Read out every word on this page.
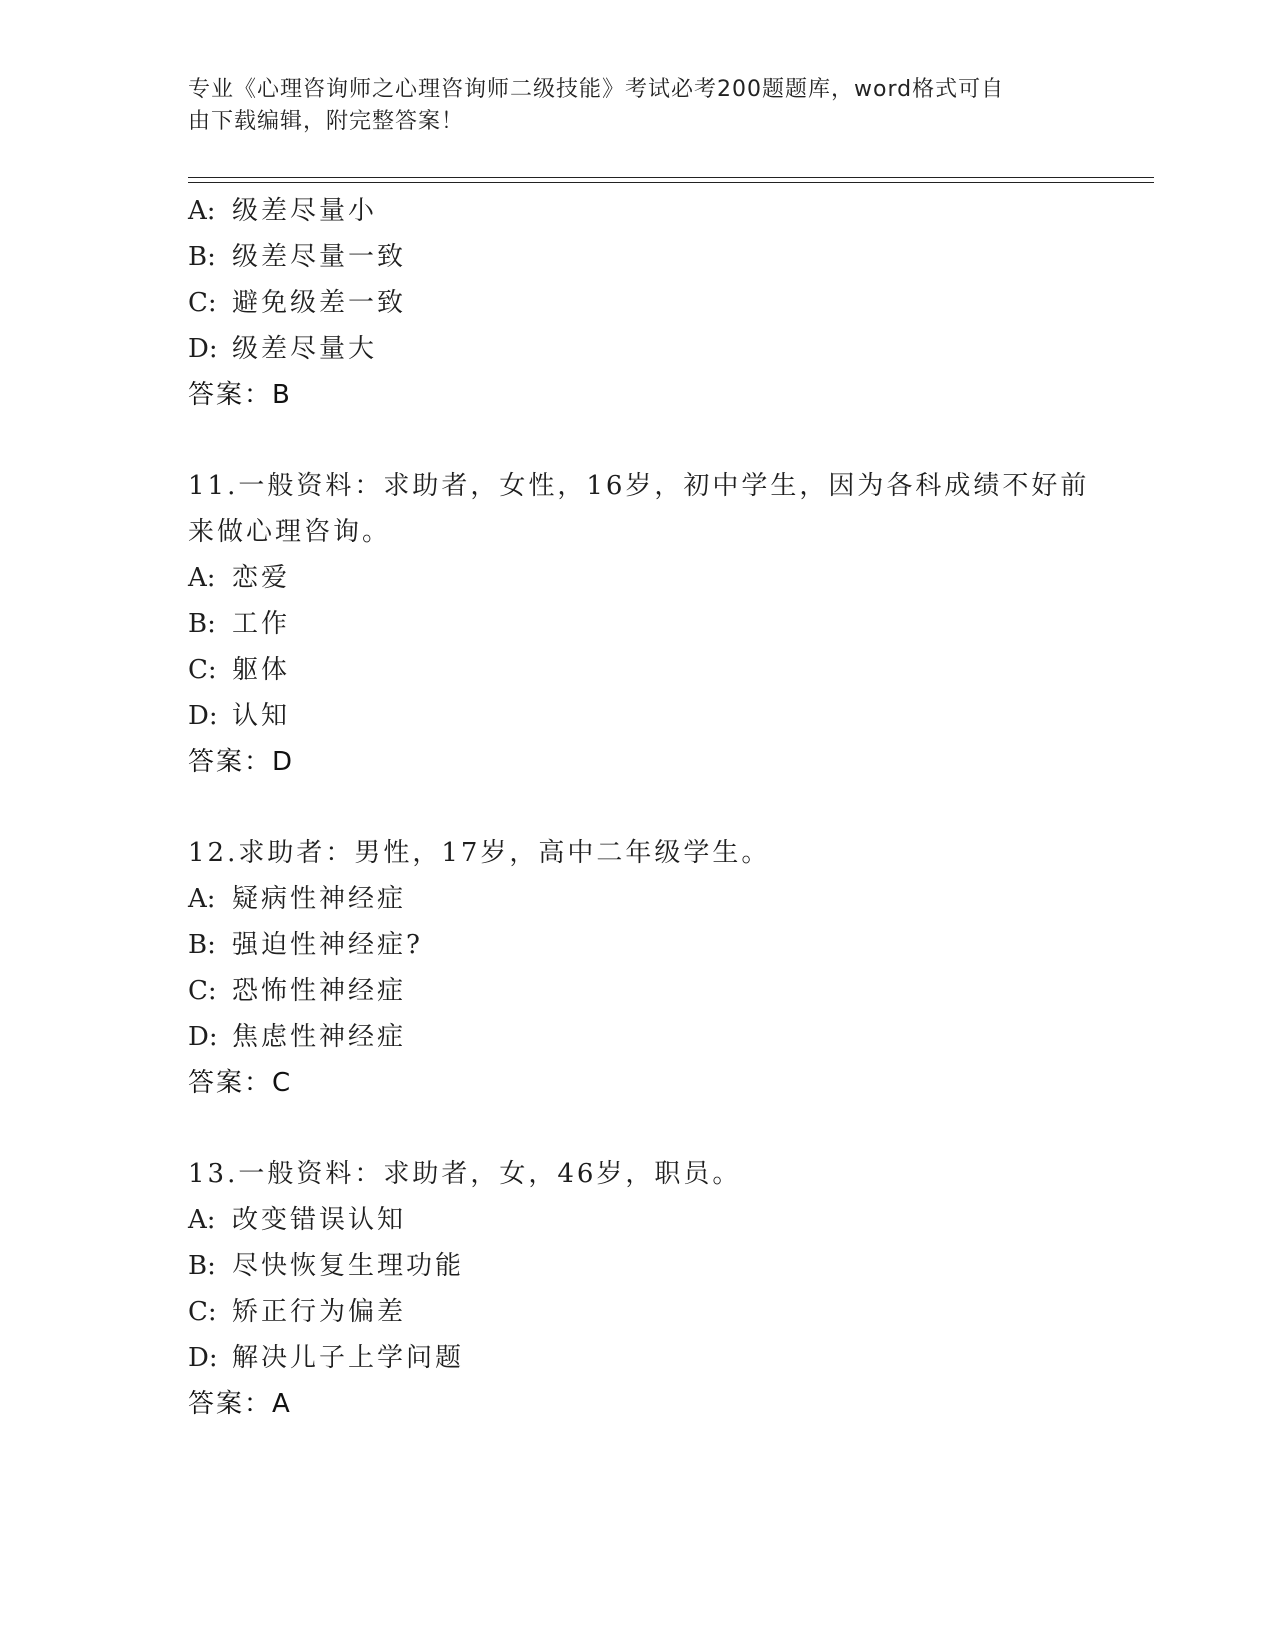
专业《心理咨询师之心理咨询师二级技能》考试必考200题题库，word格式可自
由下载编辑，附完整答案！
A: 级差尽量小
B: 级差尽量一致
C: 避免级差一致
D: 级差尽量大
答案：B
11.一般资料：求助者，女性，16岁，初中学生，因为各科成绩不好前
来做心理咨询。
A: 恋爱
B: 工作
C: 躯体
D: 认知
答案：D
12.求助者：男性，17岁，高中二年级学生。
A: 疑病性神经症
B: 强迫性神经症?
C: 恐怖性神经症
D: 焦虑性神经症
答案：C
13.一般资料：求助者，女，46岁，职员。
A: 改变错误认知
B: 尽快恢复生理功能
C: 矫正行为偏差
D: 解决儿子上学问题
答案：A
